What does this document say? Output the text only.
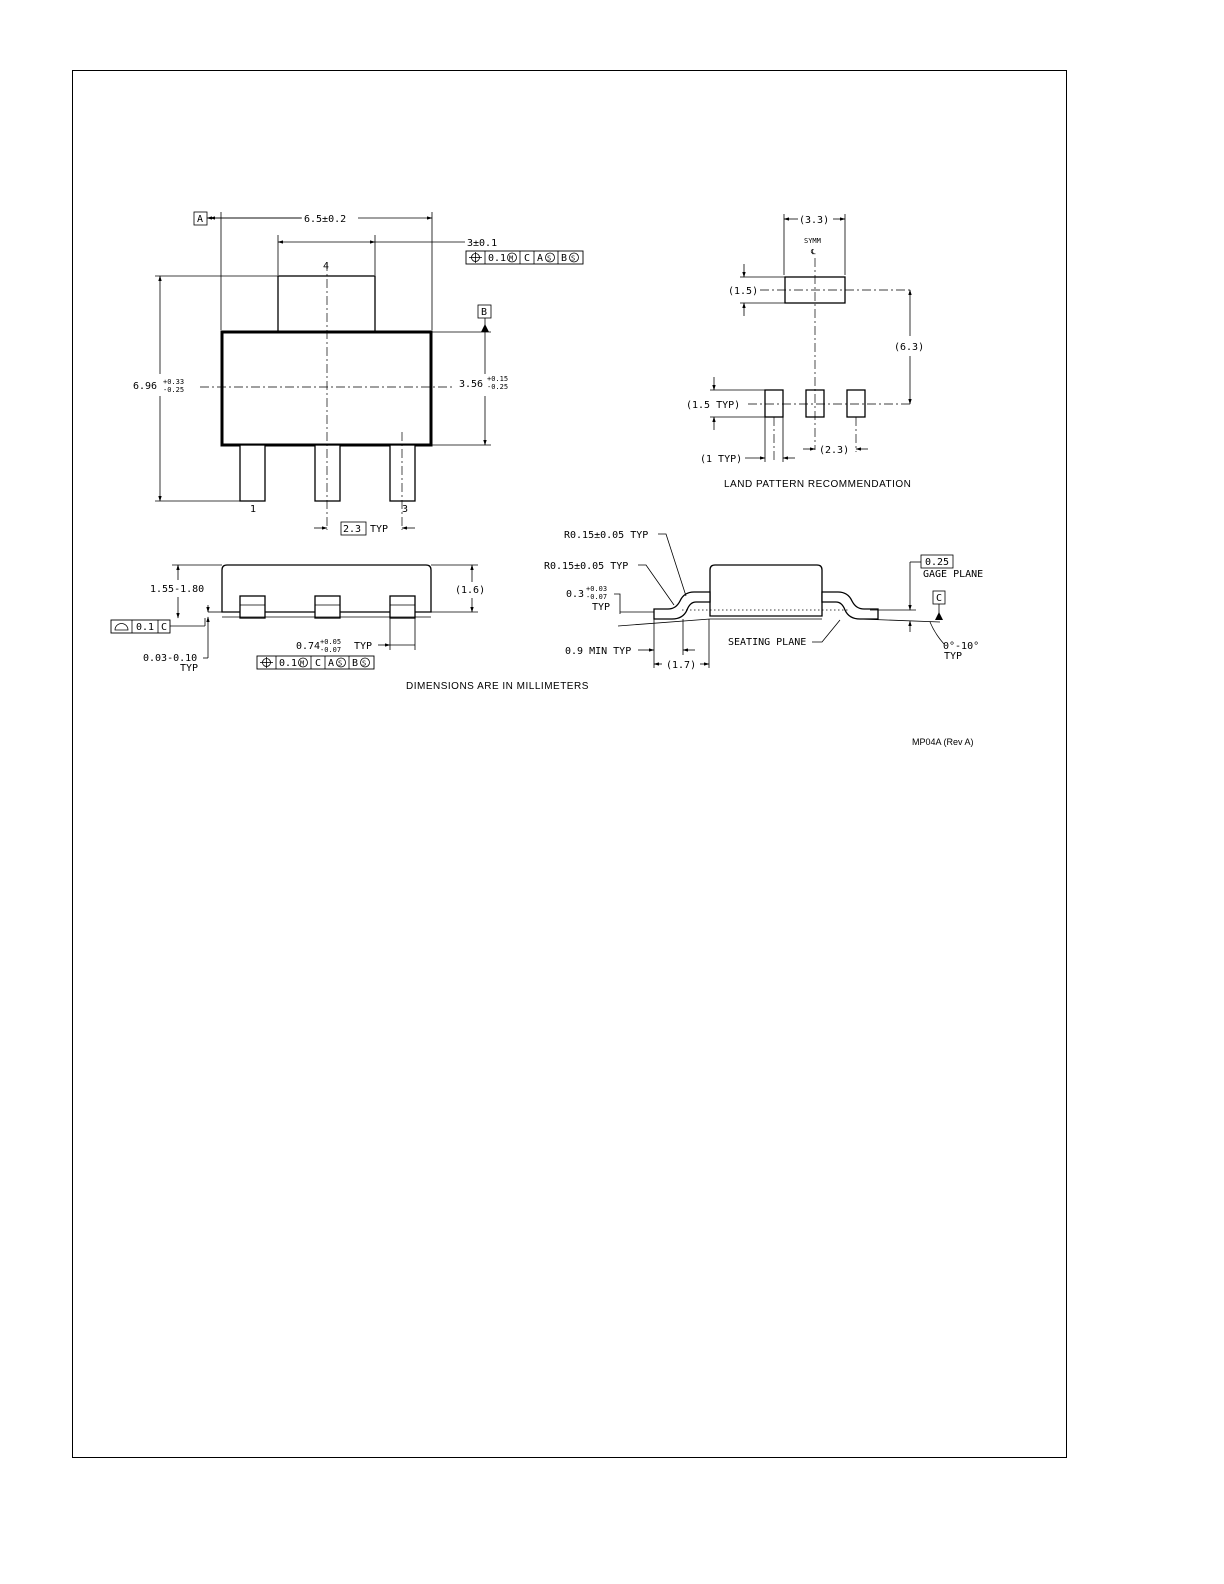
A	6.5±0.2
3±0.1
0.1 M C A S B S
4
1	3
6.96 +0.33
-0.25
B
3.56 +0.15
-0.25
2.3 TYP
(3.3)
SYMM
℄
(1.5)
(6.3)
(1.5 TYP)
(1 TYP)
(2.3)
LAND PATTERN RECOMMENDATION
1.55-1.80	(1.6)
0.1 C
0.03-0.10
TYP
0.74 +0.05
-0.07 TYP
0.1 M C A S B S
DIMENSIONS ARE IN MILLIMETERS
R0.15±0.05 TYP
R0.15±0.05 TYP
0.3 +0.03
-0.07
TYP
0.9 MIN TYP
(1.7)
SEATING PLANE
0.25
GAGE PLANE
C
0°-10°
TYP
MP04A (Rev A)
